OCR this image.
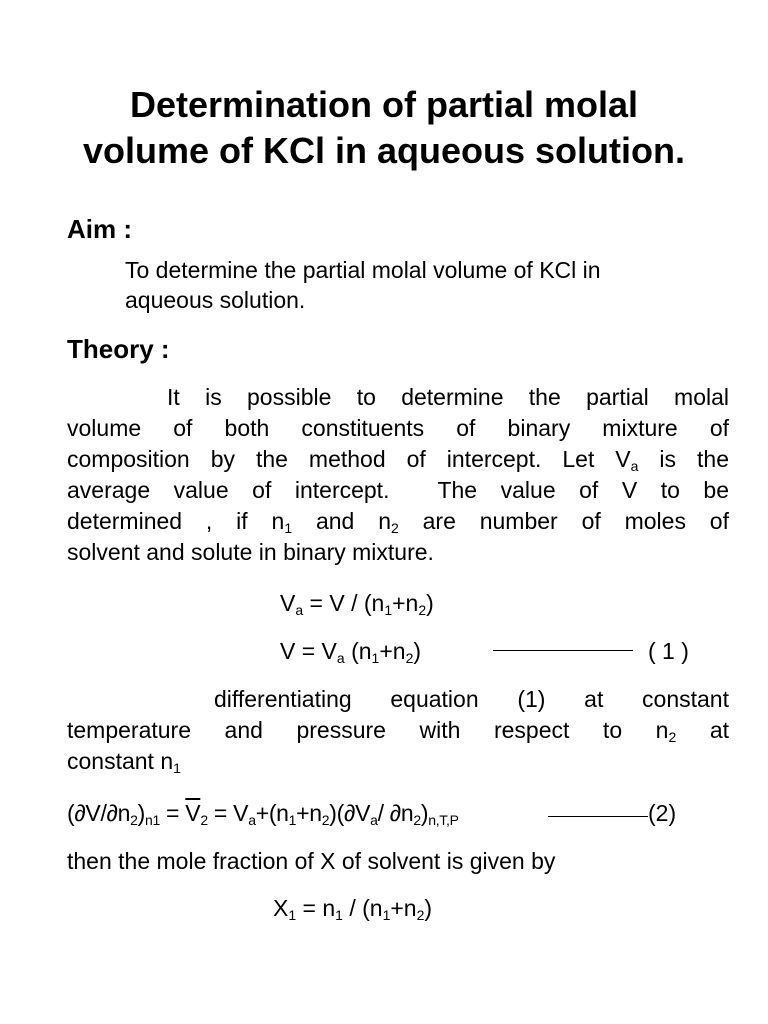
Determination of partial molal
volume of KCl in aqueous solution.
Aim :
To determine the partial molal volume of KCl in
aqueous solution.
Theory :
It is possible to determine the partial molal
volume of both constituents of binary mixture of
composition by the method of intercept. Let $V_a$ is the
average value of intercept. The value of V to be
determined , if $n_1$ and $n_2$ are number of moles of
solvent and solute in binary mixture.
$V_a = V / (n_1+n_2)$
$V = V_a$ $(n_1+n_2)$	( 1 )
differentiating equation (1) at constant
temperature and pressure with respect to $n_2$ at
constant $n_1$
$(\partial V/\partial n_2)_{n1} = \overline{V}_2 = V_a+(n_1+n_2)(\partial V_a/$ $\partial n_2)_{n,T,P}$	(2)
then the mole fraction of X of solvent is given by
$X_1 = n_1 / (n_1+n_2)$
